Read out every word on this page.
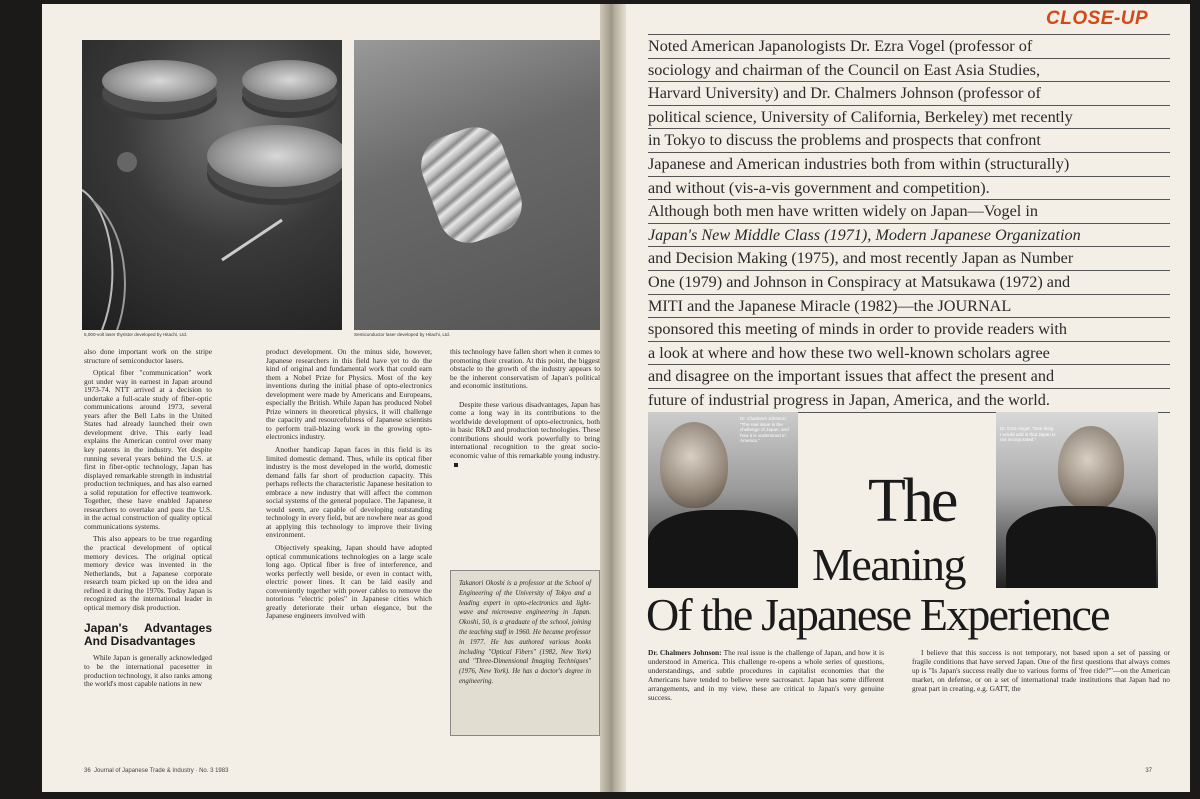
5,000-volt laser thyristor developed by Hitachi, Ltd.	Semiconductor laser developed by Hitachi, Ltd.

also done important work on the stripe structure of semiconductor lasers.

Optical fiber "communication" work got under way in earnest in Japan around 1973-74. NTT arrived at a decision to undertake a full-scale study of fiber-optic communications around 1973, several years after the Bell Labs in the United States had already launched their own development drive. This early lead explains the American control over many key patents in the industry. Yet despite running several years behind the U.S. at first in fiber-optic technology, Japan has displayed remarkable strength in industrial production techniques, and has also earned a solid reputation for effective teamwork. Together, these have enabled Japanese researchers to overtake and pass the U.S. in the actual construction of quality optical communications systems.

This also appears to be true regarding the practical development of optical memory devices. The original optical memory device was invented in the Netherlands, but a Japanese corporate research team picked up on the idea and refined it during the 1970s. Today Japan is recognized as the international leader in optical memory disk production.

Japan's Advantages And Disadvantages

While Japan is generally acknowledged to be the international pacesetter in production technology, it also ranks among the world's most capable nations in new

product development. On the minus side, however, Japanese researchers in this field have yet to do the kind of original and fundamental work that could earn them a Nobel Prize for Physics. Most of the key inventions during the initial phase of opto-electronics development were made by Americans and Europeans, especially the British. While Japan has produced Nobel Prize winners in theoretical physics, it will challenge the capacity and resourcefulness of Japanese scientists to perform trail-blazing work in the growing opto-electronics industry.

Another handicap Japan faces in this field is its limited domestic demand. Thus, while its optical fiber industry is the most developed in the world, domestic demand falls far short of production capacity. This perhaps reflects the characteristic Japanese hesitation to embrace a new industry that will affect the common social systems of the general populace. The Japanese, it would seem, are capable of developing outstanding technology in every field, but are nowhere near as good at applying this technology to improve their living environment.

Objectively speaking, Japan should have adopted optical communications technologies on a large scale long ago. Optical fiber is free of interference, and works perfectly well beside, or even in contact with, electric power lines. It can be laid easily and conveniently together with power cables to remove the notorious "electric poles" in Japanese cities which greatly deteriorate their urban elegance, but the Japanese engineers involved with

this technology have fallen short when it comes to promoting their creation. At this point, the biggest obstacle to the growth of the industry appears to be the inherent conservatism of Japan's political and economic institutions.

Despite these various disadvantages, Japan has come a long way in its contributions to the worldwide development of opto-electronics, both in basic R&D and production technologies. These contributions should work powerfully to bring international recognition to the great socio-economic value of this remarkable young industry.

Takanori Okoshi is a professor at the School of Engineering of the University of Tokyo and a leading expert in opto-electronics and light-wave and microwave engineering in Japan. Okoshi, 50, is a graduate of the school, joining the teaching staff in 1960. He became professor in 1977. He has authored various books including "Optical Fibers" (1982, New York) and "Three-Dimensional Imaging Techniques" (1976, New York). He has a doctor's degree in engineering.
36 Journal of Japanese Trade & Industry · No. 3 1983	37
CLOSE-UP
Noted American Japanologists Dr. Ezra Vogel (professor of
sociology and chairman of the Council on East Asia Studies,
Harvard University) and Dr. Chalmers Johnson (professor of
political science, University of California, Berkeley) met recently
in Tokyo to discuss the problems and prospects that confront
Japanese and American industries both from within (structurally)
and without (vis-a-vis government and competition).
Although both men have written widely on Japan—Vogel in
Japan's New Middle Class (1971), Modern Japanese Organization
and Decision Making (1975), and most recently Japan as Number
One (1979) and Johnson in Conspiracy at Matsukawa (1972) and
MITI and the Japanese Miracle (1982)—the JOURNAL
sponsored this meeting of minds in order to provide readers with
a look at where and how these two well-known scholars agree
and disagree on the important issues that affect the present and
future of industrial progress in Japan, America, and the world.
Dr. Chalmers Johnson: "The real issue is the challenge of Japan, and how it is understood in America."
Dr. Ezra Vogel: "One thing I would add is that Japan is not incorporated."
The
Meaning
Of the Japanese Experience

Dr. Chalmers Johnson: The real issue is the challenge of Japan, and how it is understood in America. This challenge re-opens a whole series of questions, understandings, and subtle procedures in capitalist economies that the Americans have tended to believe were sacrosanct. Japan has some different arrangements, and in my view, these are critical to Japan's very genuine success.

I believe that this success is not temporary, not based upon a set of passing or fragile conditions that have served Japan. One of the first questions that always comes up is "Is Japan's success really due to various forms of 'free ride?'"—on the American market, on defense, or on a set of international trade institutions that Japan had no great part in creating, e.g. GATT, the
